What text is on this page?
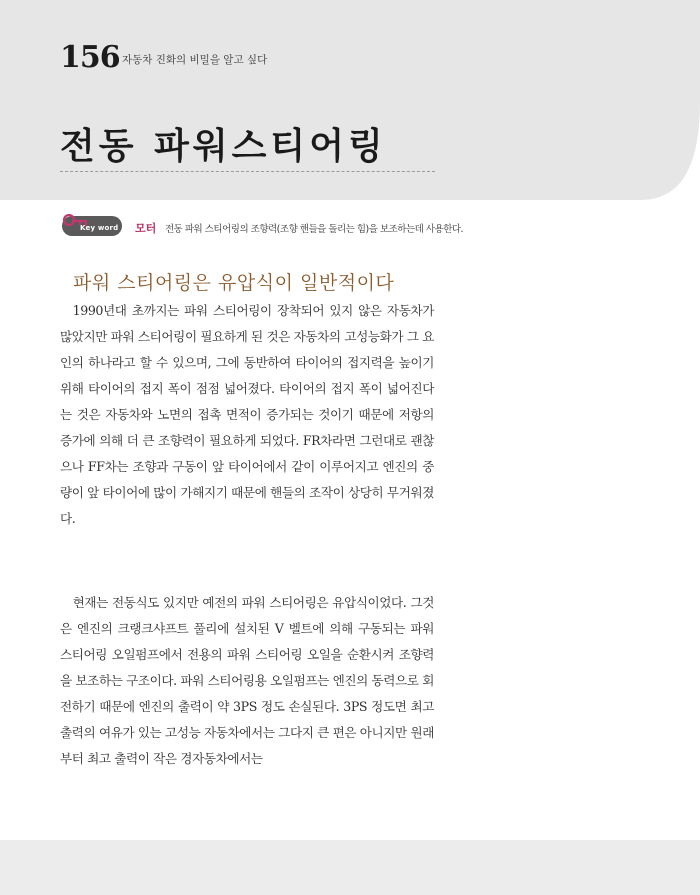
156 자동차 진화의 비밀을 알고 싶다
전동 파워스티어링
Key word 모터 전동 파워 스티어링의 조향력(조향 핸들을 돌리는 힘)을 보조하는데 사용한다.
파워 스티어링은 유압식이 일반적이다

1990년대 초까지는 파워 스티어링이 장착되어 있지 않은 자동차가 많았지만 파워 스티어링이 필요하게 된 것은 자동차의 고성능화가 그 요인의 하나라고 할 수 있으며, 그에 동반하여 타이어의 접지력을 높이기 위해 타이어의 접지 폭이 점점 넓어졌다. 타이어의 접지 폭이 넓어진다는 것은 자동차와 노면의 접촉 면적이 증가되는 것이기 때문에 저항의 증가에 의해 더 큰 조향력이 필요하게 되었다. FR차라면 그런대로 괜찮으나 FF차는 조향과 구동이 앞 타이어에서 같이 이루어지고 엔진의 중량이 앞 타이어에 많이 가해지기 때문에 핸들의 조작이 상당히 무거워졌다.

현재는 전동식도 있지만 예전의 파워 스티어링은 유압식이었다. 그것은 엔진의 크랭크샤프트 풀리에 설치된 V 벨트에 의해 구동되는 파워 스티어링 오일펌프에서 전용의 파워 스티어링 오일을 순환시켜 조향력을 보조하는 구조이다. 파워 스티어링용 오일펌프는 엔진의 동력으로 회전하기 때문에 엔진의 출력이 약 3PS 정도 손실된다. 3PS 정도면 최고 출력의 여유가 있는 고성능 자동차에서는 그다지 큰 편은 아니지만 원래부터 최고 출력이 작은 경자동차에서는
